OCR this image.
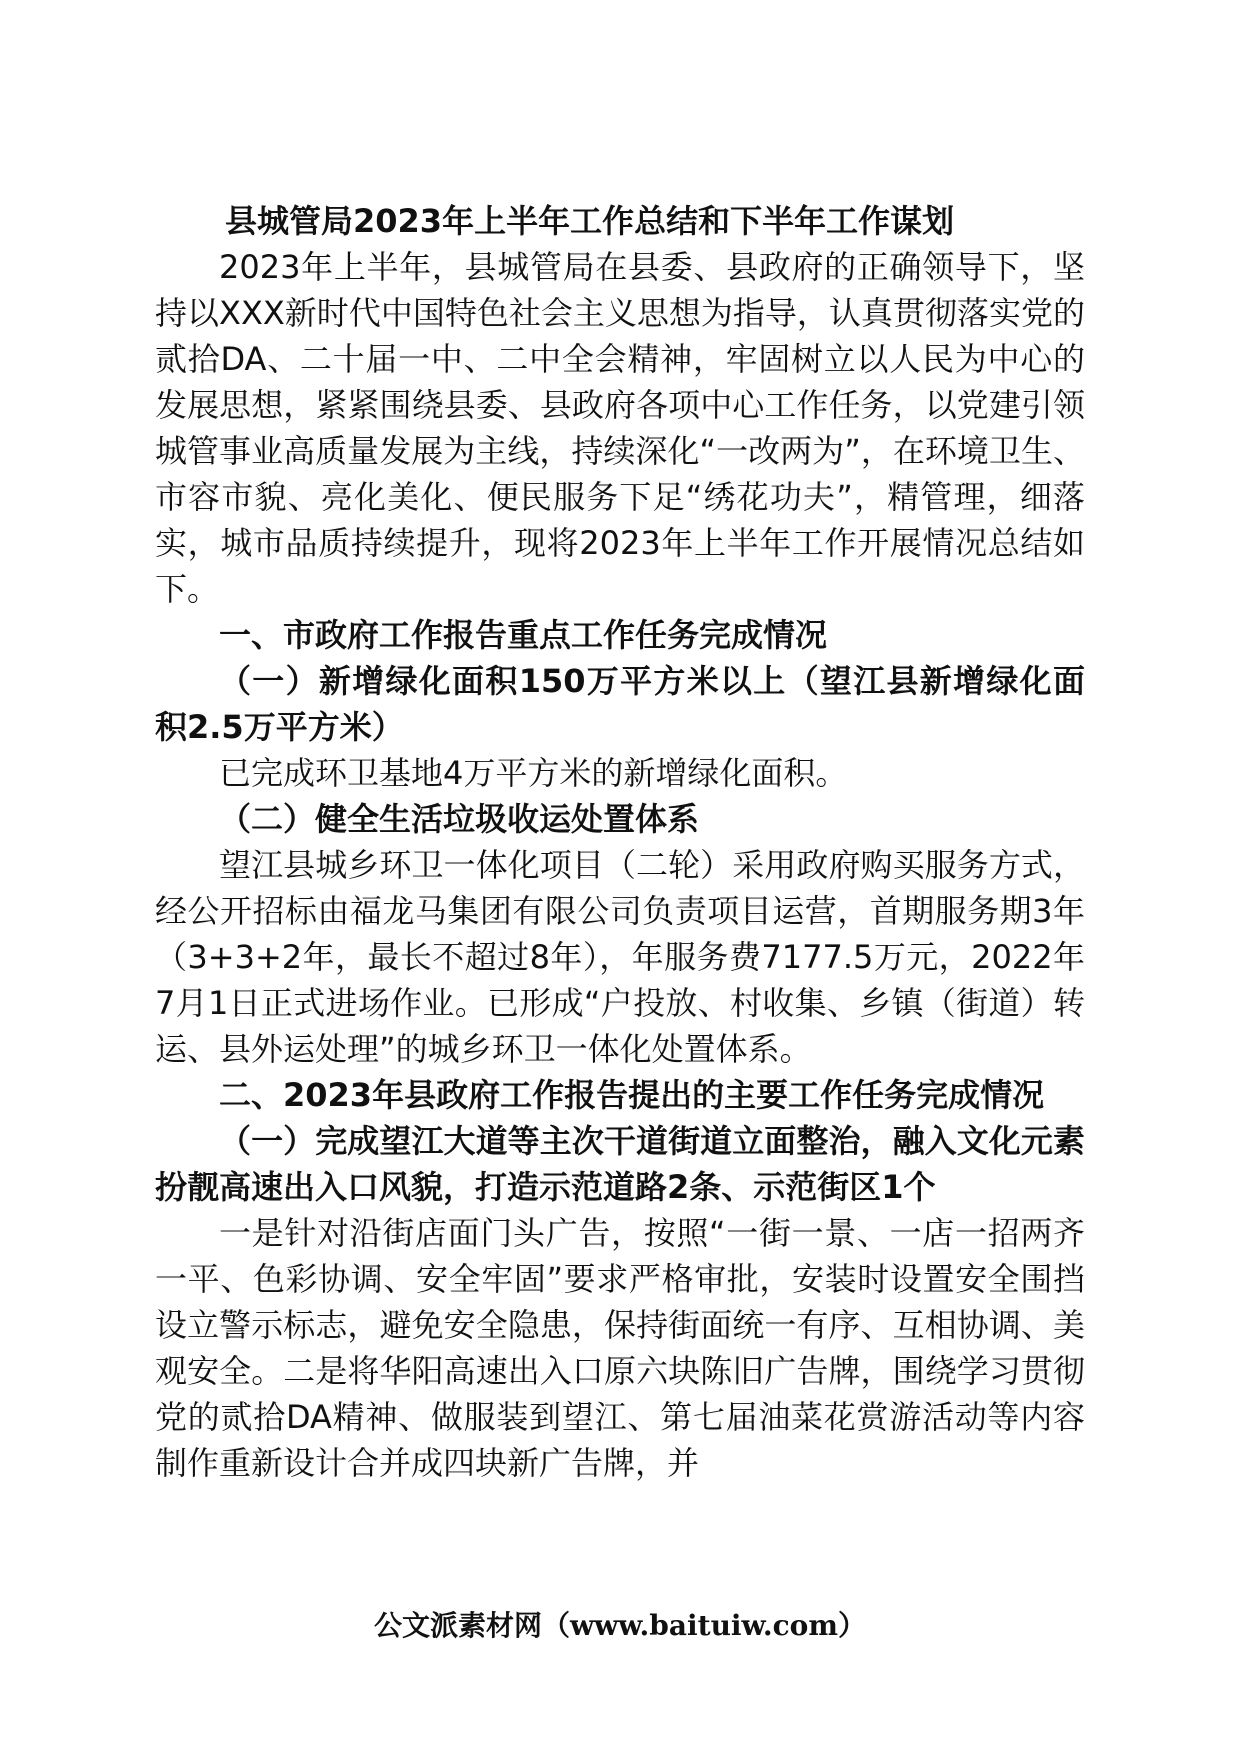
县城管局2023年上半年工作总结和下半年工作谋划

2023年上半年，县城管局在县委、县政府的正确领导下，坚持以XXX新时代中国特色社会主义思想为指导，认真贯彻落实党的贰拾DA、二十届一中、二中全会精神，牢固树立以人民为中心的发展思想，紧紧围绕县委、县政府各项中心工作任务，以党建引领城管事业高质量发展为主线，持续深化“一改两为”，在环境卫生、市容市貌、亮化美化、便民服务下足“绣花功夫”，精管理，细落实，城市品质持续提升，现将2023年上半年工作开展情况总结如下。

一、市政府工作报告重点工作任务完成情况

（一）新增绿化面积150万平方米以上（望江县新增绿化面积2.5万平方米）

已完成环卫基地4万平方米的新增绿化面积。

（二）健全生活垃圾收运处置体系

望江县城乡环卫一体化项目（二轮）采用政府购买服务方式，经公开招标由福龙马集团有限公司负责项目运营，首期服务期3年（3+3+2年，最长不超过8年），年服务费7177.5万元，2022年7月1日正式进场作业。已形成“户投放、村收集、乡镇（街道）转运、县外运处理”的城乡环卫一体化处置体系。

二、2023年县政府工作报告提出的主要工作任务完成情况

（一）完成望江大道等主次干道街道立面整治，融入文化元素扮靓高速出入口风貌，打造示范道路2条、示范街区1个

一是针对沿街店面门头广告，按照“一街一景、一店一招两齐一平、色彩协调、安全牢固”要求严格审批，安装时设置安全围挡设立警示标志，避免安全隐患，保持街面统一有序、互相协调、美观安全。二是将华阳高速出入口原六块陈旧广告牌，围绕学习贯彻党的贰拾DA精神、做服装到望江、第七届油菜花赏游活动等内容制作重新设计合并成四块新广告牌，并

公文派素材网（www.baituiw.com）
